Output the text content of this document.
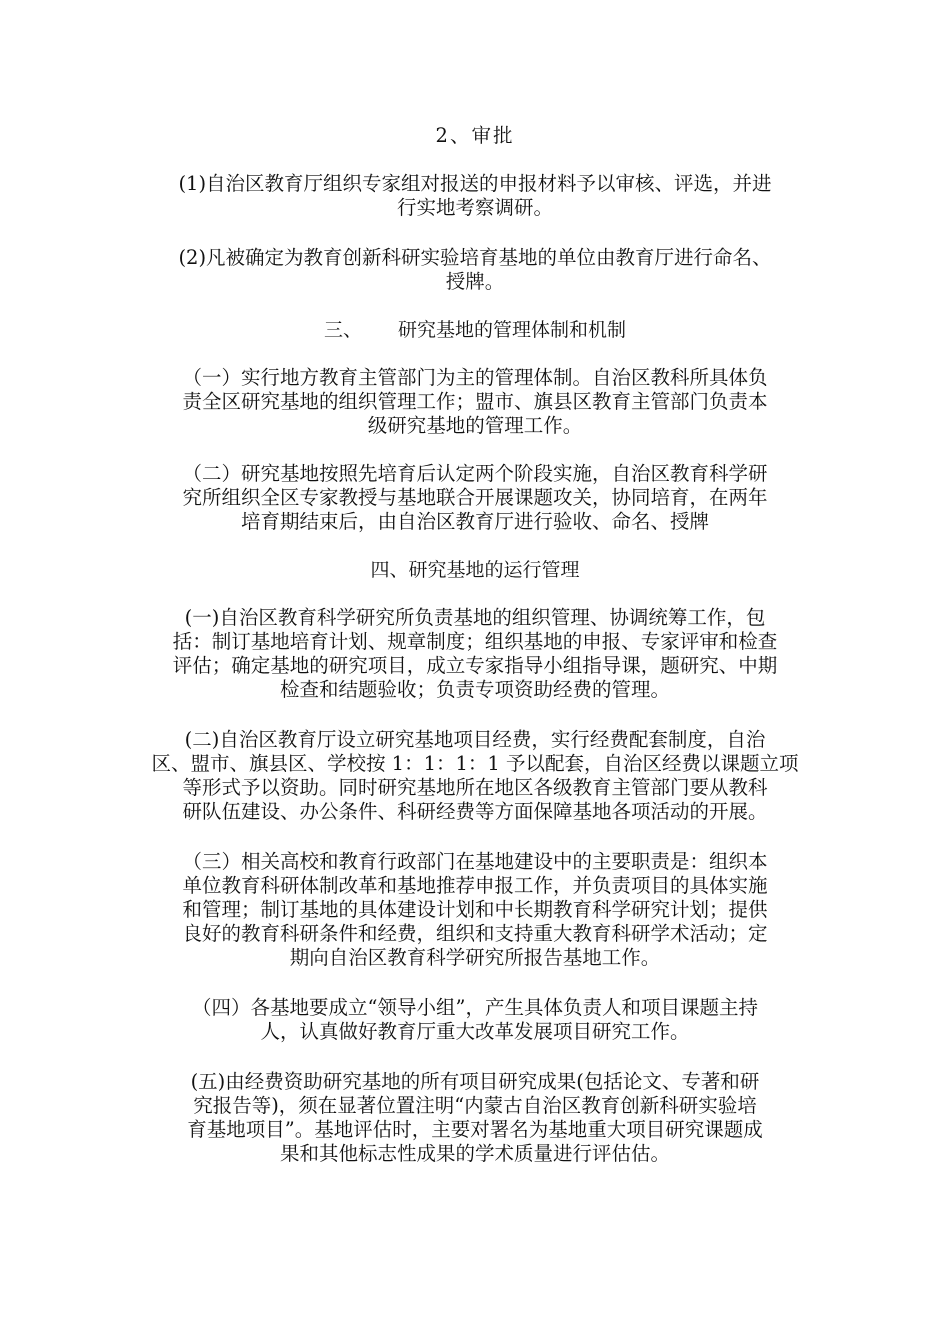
2、审批
(1)自治区教育厅组织专家组对报送的申报材料予以审核、评选，并进
行实地考察调研。
(2)凡被确定为教育创新科研实验培育基地的单位由教育厅进行命名、
授牌。
三、 研究基地的管理体制和机制
（一）实行地方教育主管部门为主的管理体制。自治区教科所具体负
责全区研究基地的组织管理工作；盟市、旗县区教育主管部门负责本
级研究基地的管理工作。
（二）研究基地按照先培育后认定两个阶段实施，自治区教育科学研
究所组织全区专家教授与基地联合开展课题攻关，协同培育，在两年
培育期结束后，由自治区教育厅进行验收、命名、授牌
四、研究基地的运行管理
(一)自治区教育科学研究所负责基地的组织管理、协调统筹工作，包
括：制订基地培育计划、规章制度；组织基地的申报、专家评审和检查
评估；确定基地的研究项目，成立专家指导小组指导课，题研究、中期
检查和结题验收；负责专项资助经费的管理。
(二)自治区教育厅设立研究基地项目经费，实行经费配套制度，自治
区、盟市、旗县区、学校按 1：1：1：1 予以配套，自治区经费以课题立项
等形式予以资助。同时研究基地所在地区各级教育主管部门要从教科
研队伍建设、办公条件、科研经费等方面保障基地各项活动的开展。
（三）相关高校和教育行政部门在基地建设中的主要职责是：组织本
单位教育科研体制改革和基地推荐申报工作，并负责项目的具体实施
和管理；制订基地的具体建设计划和中长期教育科学研究计划；提供
良好的教育科研条件和经费，组织和支持重大教育科研学术活动；定
期向自治区教育科学研究所报告基地工作。
（四）各基地要成立“领导小组”，产生具体负责人和项目课题主持
人，认真做好教育厅重大改革发展项目研究工作。
(五)由经费资助研究基地的所有项目研究成果(包括论文、专著和研
究报告等)，须在显著位置注明“内蒙古自治区教育创新科研实验培
育基地项目”。基地评估时，主要对署名为基地重大项目研究课题成
果和其他标志性成果的学术质量进行评估估。
